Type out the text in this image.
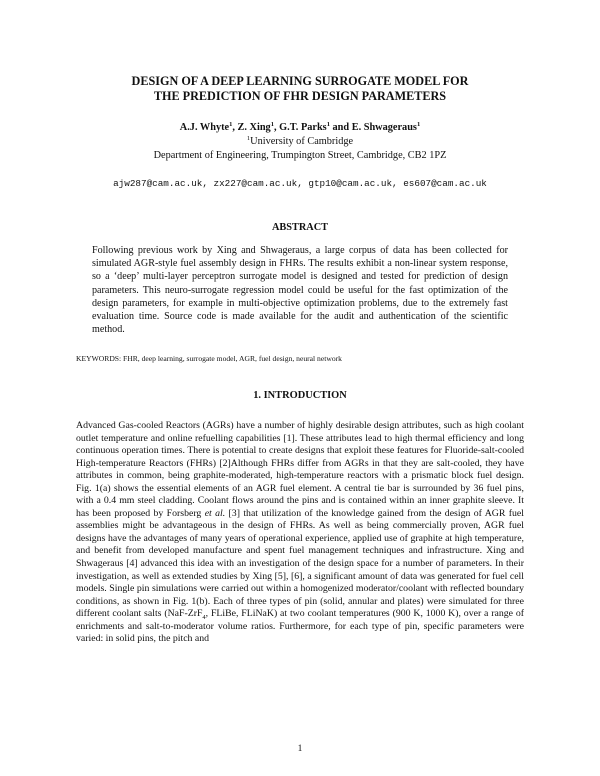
DESIGN OF A DEEP LEARNING SURROGATE MODEL FOR
THE PREDICTION OF FHR DESIGN PARAMETERS
A.J. Whyte$^1$, Z. Xing$^1$, G.T. Parks$^1$ and E. Shwageraus$^1$
$^1$University of Cambridge
Department of Engineering, Trumpington Street, Cambridge, CB2 1PZ
ajw287@cam.ac.uk, zx227@cam.ac.uk, gtp10@cam.ac.uk, es607@cam.ac.uk
ABSTRACT

Following previous work by Xing and Shwageraus, a large corpus of data has been collected for simulated AGR-style fuel assembly design in FHRs. The results exhibit a non-linear system response, so a ‘deep’ multi-layer perceptron surrogate model is designed and tested for prediction of design parameters. This neuro-surrogate regression model could be useful for the fast optimization of the design parameters, for example in multi-objective optimization problems, due to the extremely fast evaluation time. Source code is made available for the audit and authentication of the scientific method.

KEYWORDS: FHR, deep learning, surrogate model, AGR, fuel design, neural network
1. INTRODUCTION

Advanced Gas-cooled Reactors (AGRs) have a number of highly desirable design attributes, such as high coolant outlet temperature and online refuelling capabilities [1]. These attributes lead to high thermal efficiency and long continuous operation times. There is potential to create designs that exploit these features for Fluoride-salt-cooled High-temperature Reactors (FHRs) [2]Although FHRs differ from AGRs in that they are salt-cooled, they have attributes in common, being graphite-moderated, high-temperature reactors with a prismatic block fuel design. Fig. 1(a) shows the essential elements of an AGR fuel element. A central tie bar is surrounded by 36 fuel pins, with a 0.4 mm steel cladding. Coolant flows around the pins and is contained within an inner graphite sleeve. It has been proposed by Forsberg et al. [3] that utilization of the knowledge gained from the design of AGR fuel assemblies might be advantageous in the design of FHRs. As well as being commercially proven, AGR fuel designs have the advantages of many years of operational experience, applied use of graphite at high temperature, and benefit from developed manufacture and spent fuel management techniques and infrastructure. Xing and Shwageraus [4] advanced this idea with an investigation of the design space for a number of parameters. In their investigation, as well as extended studies by Xing [5], [6], a significant amount of data was generated for fuel cell models. Single pin simulations were carried out within a homogenized moderator/coolant with reflected boundary conditions, as shown in Fig. 1(b). Each of three types of pin (solid, annular and plates) were simulated for three different coolant salts (NaF-ZrF$_4$, FLiBe, FLiNaK) at two coolant temperatures (900 K, 1000 K), over a range of enrichments and salt-to-moderator volume ratios. Furthermore, for each type of pin, specific parameters were varied: in solid pins, the pitch and

1
